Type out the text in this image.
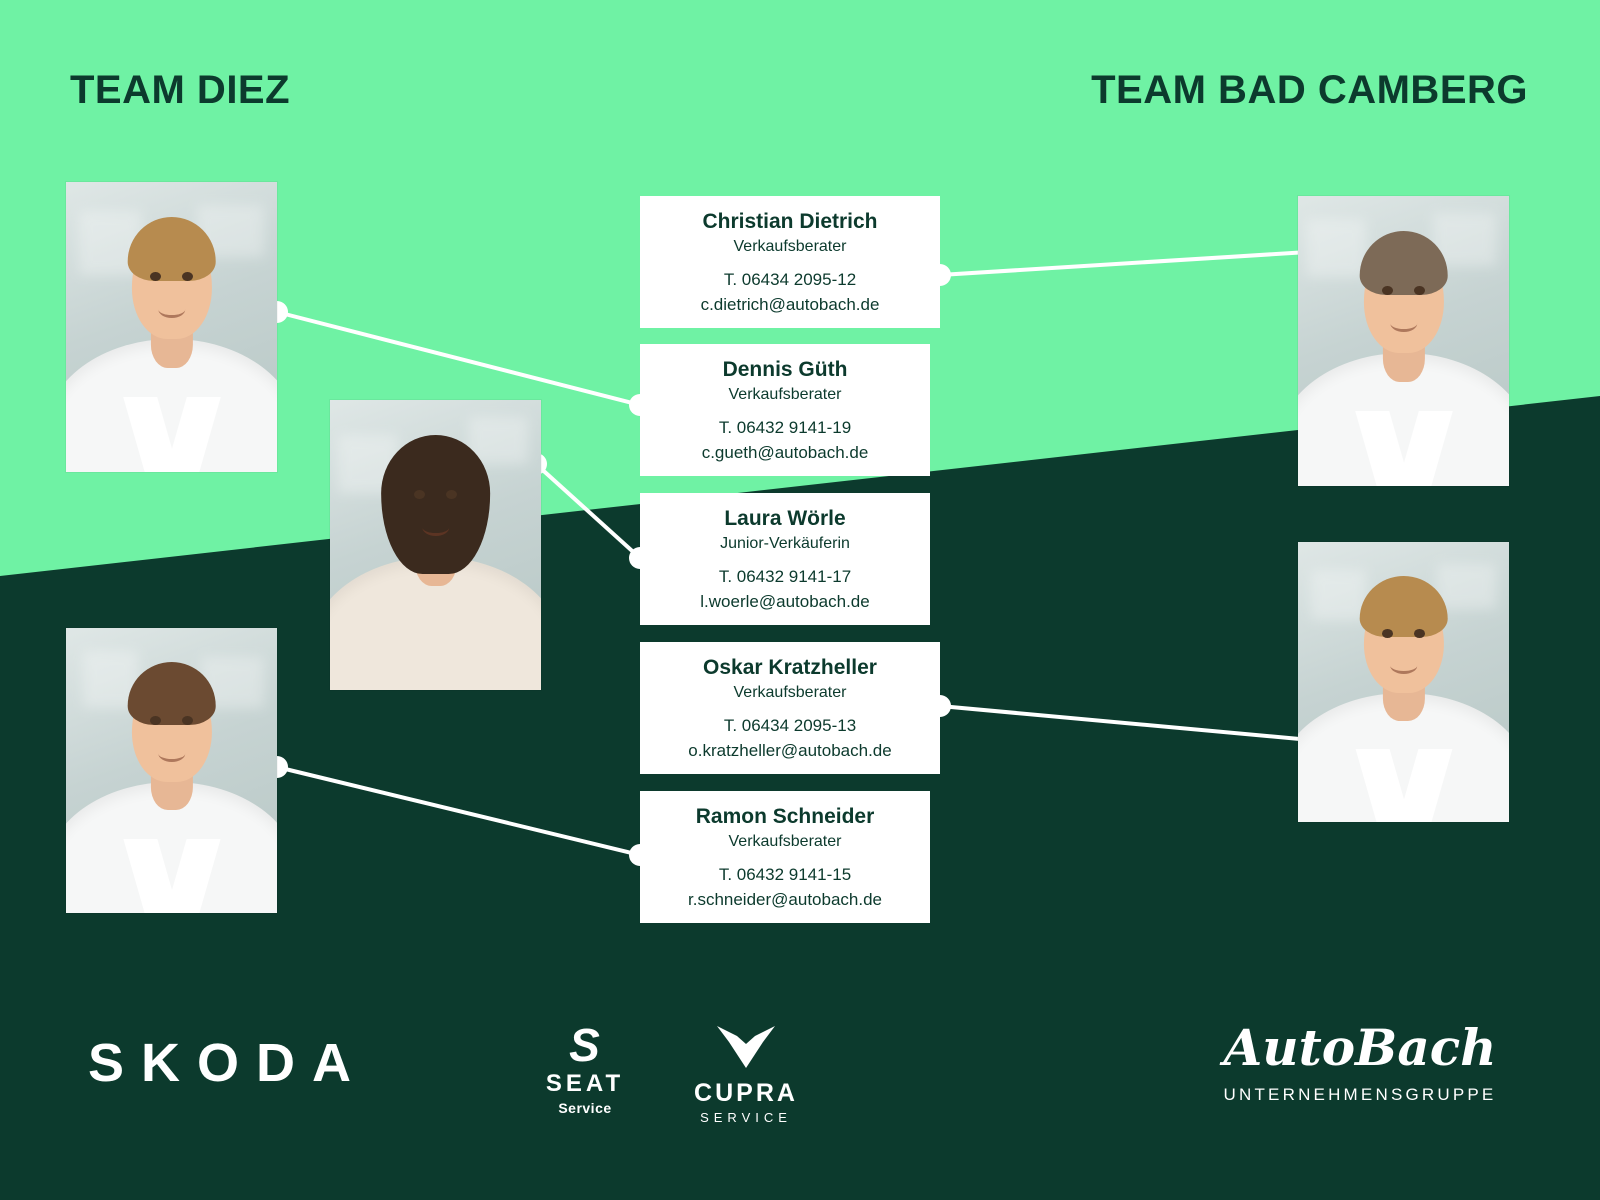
TEAM DIEZ	TEAM BAD CAMBERG
Christian Dietrich
Verkaufsberater
T. 06434 2095-12
c.dietrich@autobach.de
Dennis Güth
Verkaufsberater
T. 06432 9141-19
c.gueth@autobach.de
Laura Wörle
Junior-Verkäuferin
T. 06432 9141-17
l.woerle@autobach.de
Oskar Kratzheller
Verkaufsberater
T. 06434 2095-13
o.kratzheller@autobach.de
Ramon Schneider
Verkaufsberater
T. 06432 9141-15
r.schneider@autobach.de
SKODA	S
SEAT
Service
CUPRA
SERVICE
AutoBach
UNTERNEHMENSGRUPPE
